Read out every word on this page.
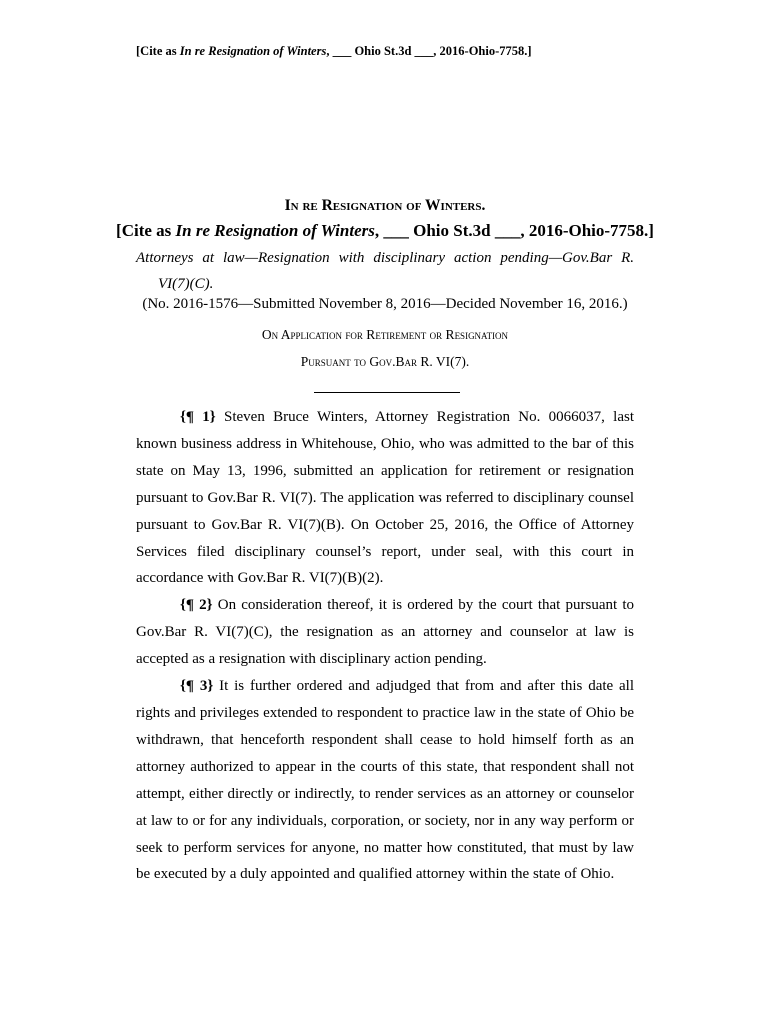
[Cite as In re Resignation of Winters, ___ Ohio St.3d ___, 2016-Ohio-7758.]
In re Resignation of Winters.
[Cite as In re Resignation of Winters, ___ Ohio St.3d ___, 2016-Ohio-7758.]
Attorneys at law—Resignation with disciplinary action pending—Gov.Bar R.
VI(7)(C).
(No. 2016-1576—Submitted November 8, 2016—Decided November 16, 2016.)
On Application for Retirement or Resignation
Pursuant to Gov.Bar R. VI(7).

{¶ 1} Steven Bruce Winters, Attorney Registration No. 0066037, last known business address in Whitehouse, Ohio, who was admitted to the bar of this state on May 13, 1996, submitted an application for retirement or resignation pursuant to Gov.Bar R. VI(7). The application was referred to disciplinary counsel pursuant to Gov.Bar R. VI(7)(B). On October 25, 2016, the Office of Attorney Services filed disciplinary counsel’s report, under seal, with this court in accordance with Gov.Bar R. VI(7)(B)(2).

{¶ 2} On consideration thereof, it is ordered by the court that pursuant to Gov.Bar R. VI(7)(C), the resignation as an attorney and counselor at law is accepted as a resignation with disciplinary action pending.

{¶ 3} It is further ordered and adjudged that from and after this date all rights and privileges extended to respondent to practice law in the state of Ohio be withdrawn, that henceforth respondent shall cease to hold himself forth as an attorney authorized to appear in the courts of this state, that respondent shall not attempt, either directly or indirectly, to render services as an attorney or counselor at law to or for any individuals, corporation, or society, nor in any way perform or seek to perform services for anyone, no matter how constituted, that must by law be executed by a duly appointed and qualified attorney within the state of Ohio.
